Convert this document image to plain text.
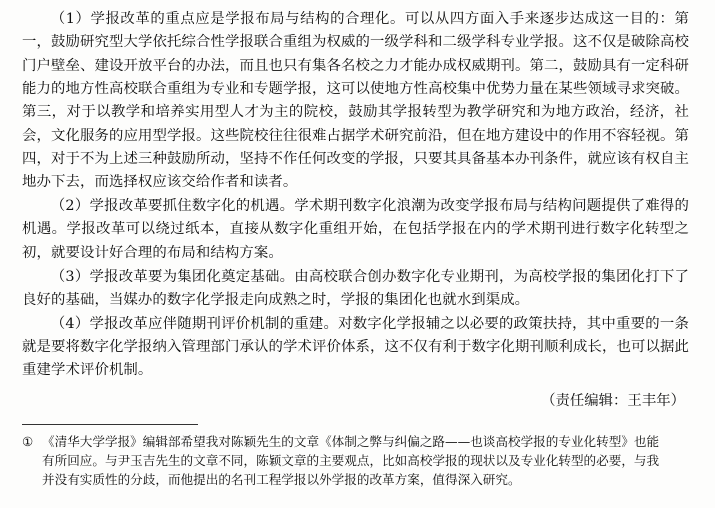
（1）学报改革的重点应是学报布局与结构的合理化。可以从四方面入手来逐步达成这一目的：第一，鼓励研究型大学依托综合性学报联合重组为权威的一级学科和二级学科专业学报。这不仅是破除高校门户壁垒、建设开放平台的办法，而且也只有集各名校之力才能办成权威期刊。第二，鼓励具有一定科研能力的地方性高校联合重组为专业和专题学报，这可以使地方性高校集中优势力量在某些领域寻求突破。第三，对于以教学和培养实用型人才为主的院校，鼓励其学报转型为教学研究和为地方政治，经济，社会，文化服务的应用型学报。这些院校往往很难占据学术研究前沿，但在地方建设中的作用不容轻视。第四，对于不为上述三种鼓励所动，坚持不作任何改变的学报，只要其具备基本办刊条件，就应该有权自主地办下去，而选择权应该交给作者和读者。

（2）学报改革要抓住数字化的机遇。学术期刊数字化浪潮为改变学报布局与结构问题提供了难得的机遇。学报改革可以绕过纸本，直接从数字化重组开始，在包括学报在内的学术期刊进行数字化转型之初，就要设计好合理的布局和结构方案。

（3）学报改革要为集团化奠定基础。由高校联合创办数字化专业期刊，为高校学报的集团化打下了良好的基础，当媒办的数字化学报走向成熟之时，学报的集团化也就水到渠成。

（4）学报改革应伴随期刊评价机制的重建。对数字化学报辅之以必要的政策扶持，其中重要的一条就是要将数字化学报纳入管理部门承认的学术评价体系，这不仅有利于数字化期刊顺利成长，也可以据此重建学术评价机制。

（责任编辑：王丰年）
① 《清华大学学报》编辑部希望我对陈颖先生的文章《体制之弊与纠偏之路——也谈高校学报的专业化转型》也能

有所回应。与尹玉吉先生的文章不同，陈颖文章的主要观点，比如高校学报的现状以及专业化转型的必要，与我

并没有实质性的分歧，而他提出的名刊工程学报以外学报的改革方案，值得深入研究。
